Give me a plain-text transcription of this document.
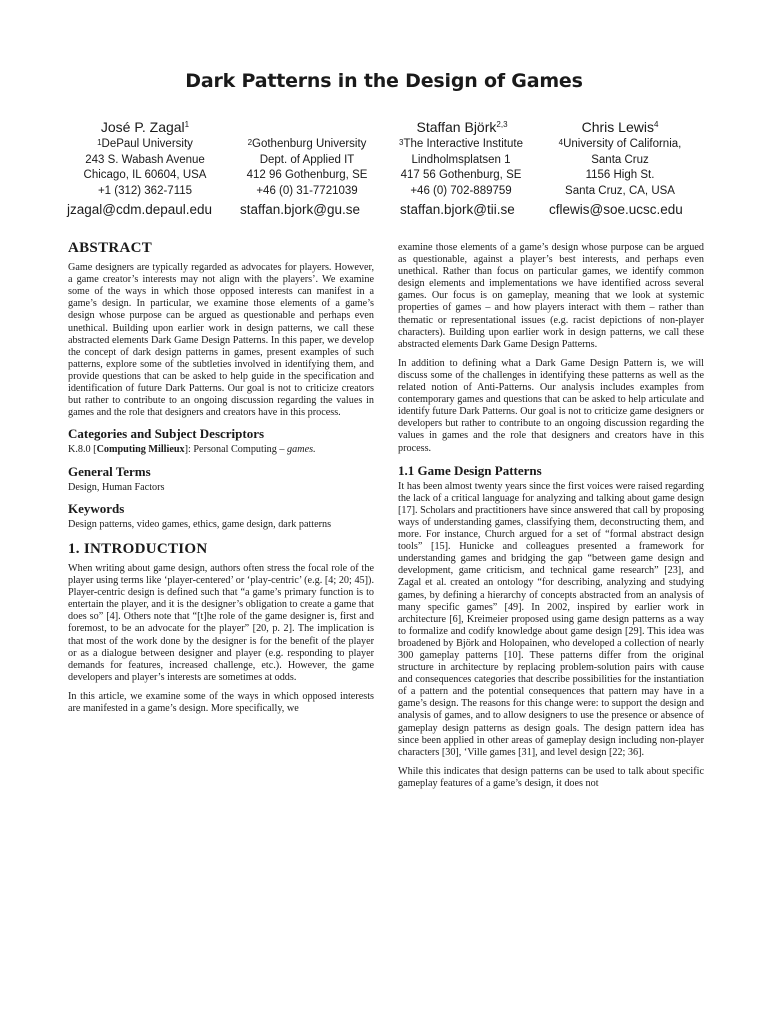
Dark Patterns in the Design of Games
José P. Zagal$^1$
$^1$DePaul University
243 S. Wabash Avenue
Chicago, IL 60604, USA
+1 (312) 362-7115
Staffan Björk$^{2,3}$
$^2$Gothenburg University
Dept. of Applied IT
412 96 Gothenburg, SE
+46 (0) 31-7721039
$^3$The Interactive Institute
Lindholmsplatsen 1
417 56 Gothenburg, SE
+46 (0) 702-889759
Chris Lewis$^4$
$^4$University of California,
Santa Cruz
1156 High St.
Santa Cruz, CA, USA
jzagal@cdm.depaul.edu staffan.bjork@gu.se	staffan.bjork@tii.se	cflewis@soe.ucsc.edu
ABSTRACT

Game designers are typically regarded as advocates for players. However, a game creator’s interests may not align with the players’. We examine some of the ways in which those opposed interests can manifest in a game’s design. In particular, we examine those elements of a game’s design whose purpose can be argued as questionable and perhaps even unethical. Building upon earlier work in design patterns, we call these abstracted elements Dark Game Design Patterns. In this paper, we develop the concept of dark design patterns in games, present examples of such patterns, explore some of the subtleties involved in identifying them, and provide questions that can be asked to help guide in the specification and identification of future Dark Patterns. Our goal is not to criticize creators but rather to contribute to an ongoing discussion regarding the values in games and the role that designers and creators have in this process.

Categories and Subject Descriptors

K.8.0 [Computing Millieux]: Personal Computing – games.

General Terms

Design, Human Factors

Keywords

Design patterns, video games, ethics, game design, dark patterns

1. INTRODUCTION

When writing about game design, authors often stress the focal role of the player using terms like ‘player-centered’ or ‘play-centric’ (e.g. [4; 20; 45]). Player-centric design is defined such that “a game’s primary function is to entertain the player, and it is the designer’s obligation to create a game that does so” [4]. Others note that “[t]he role of the game designer is, first and foremost, to be an advocate for the player” [20, p. 2]. The implication is that most of the work done by the designer is for the benefit of the player or as a dialogue between designer and player (e.g. responding to player demands for features, increased challenge, etc.). However, the game developers and player’s interests are sometimes at odds.

In this article, we examine some of the ways in which opposed interests are manifested in a game’s design. More specifically, we

examine those elements of a game’s design whose purpose can be argued as questionable, against a player’s best interests, and perhaps even unethical. Rather than focus on particular games, we identify common design elements and implementations we have identified across several games. Our focus is on gameplay, meaning that we look at systemic properties of games – and how players interact with them – rather than thematic or representational issues (e.g. racist depictions of non-player characters). Building upon earlier work in design patterns, we call these abstracted elements Dark Game Design Patterns.

In addition to defining what a Dark Game Design Pattern is, we will discuss some of the challenges in identifying these patterns as well as the related notion of Anti-Patterns. Our analysis includes examples from contemporary games and questions that can be asked to help articulate and identify future Dark Patterns. Our goal is not to criticize game designers or developers but rather to contribute to an ongoing discussion regarding the values in games and the role that designers and creators have in this process.

1.1 Game Design Patterns

It has been almost twenty years since the first voices were raised regarding the lack of a critical language for analyzing and talking about game design [17]. Scholars and practitioners have since answered that call by proposing ways of understanding games, classifying them, deconstructing them, and more. For instance, Church argued for a set of “formal abstract design tools” [15]. Hunicke and colleagues presented a framework for understanding games and bridging the gap “between game design and development, game criticism, and technical game research” [23], and Zagal et al. created an ontology “for describing, analyzing and studying games, by defining a hierarchy of concepts abstracted from an analysis of many specific games” [49]. In 2002, inspired by earlier work in architecture [6], Kreimeier proposed using game design patterns as a way to formalize and codify knowledge about game design [29]. This idea was broadened by Björk and Holopainen, who developed a collection of nearly 300 gameplay patterns [10]. These patterns differ from the original structure in architecture by replacing problem-solution pairs with cause and consequences categories that describe possibilities for the instantiation of a pattern and the potential consequences that pattern may have in a game’s design. The reasons for this change were: to support the design and analysis of games, and to allow designers to use the presence or absence of gameplay design patterns as design goals. The design pattern idea has since been applied in other areas of gameplay design including non-player characters [30], ‘Ville games [31], and level design [22; 36].

While this indicates that design patterns can be used to talk about specific gameplay features of a game’s design, it does not
